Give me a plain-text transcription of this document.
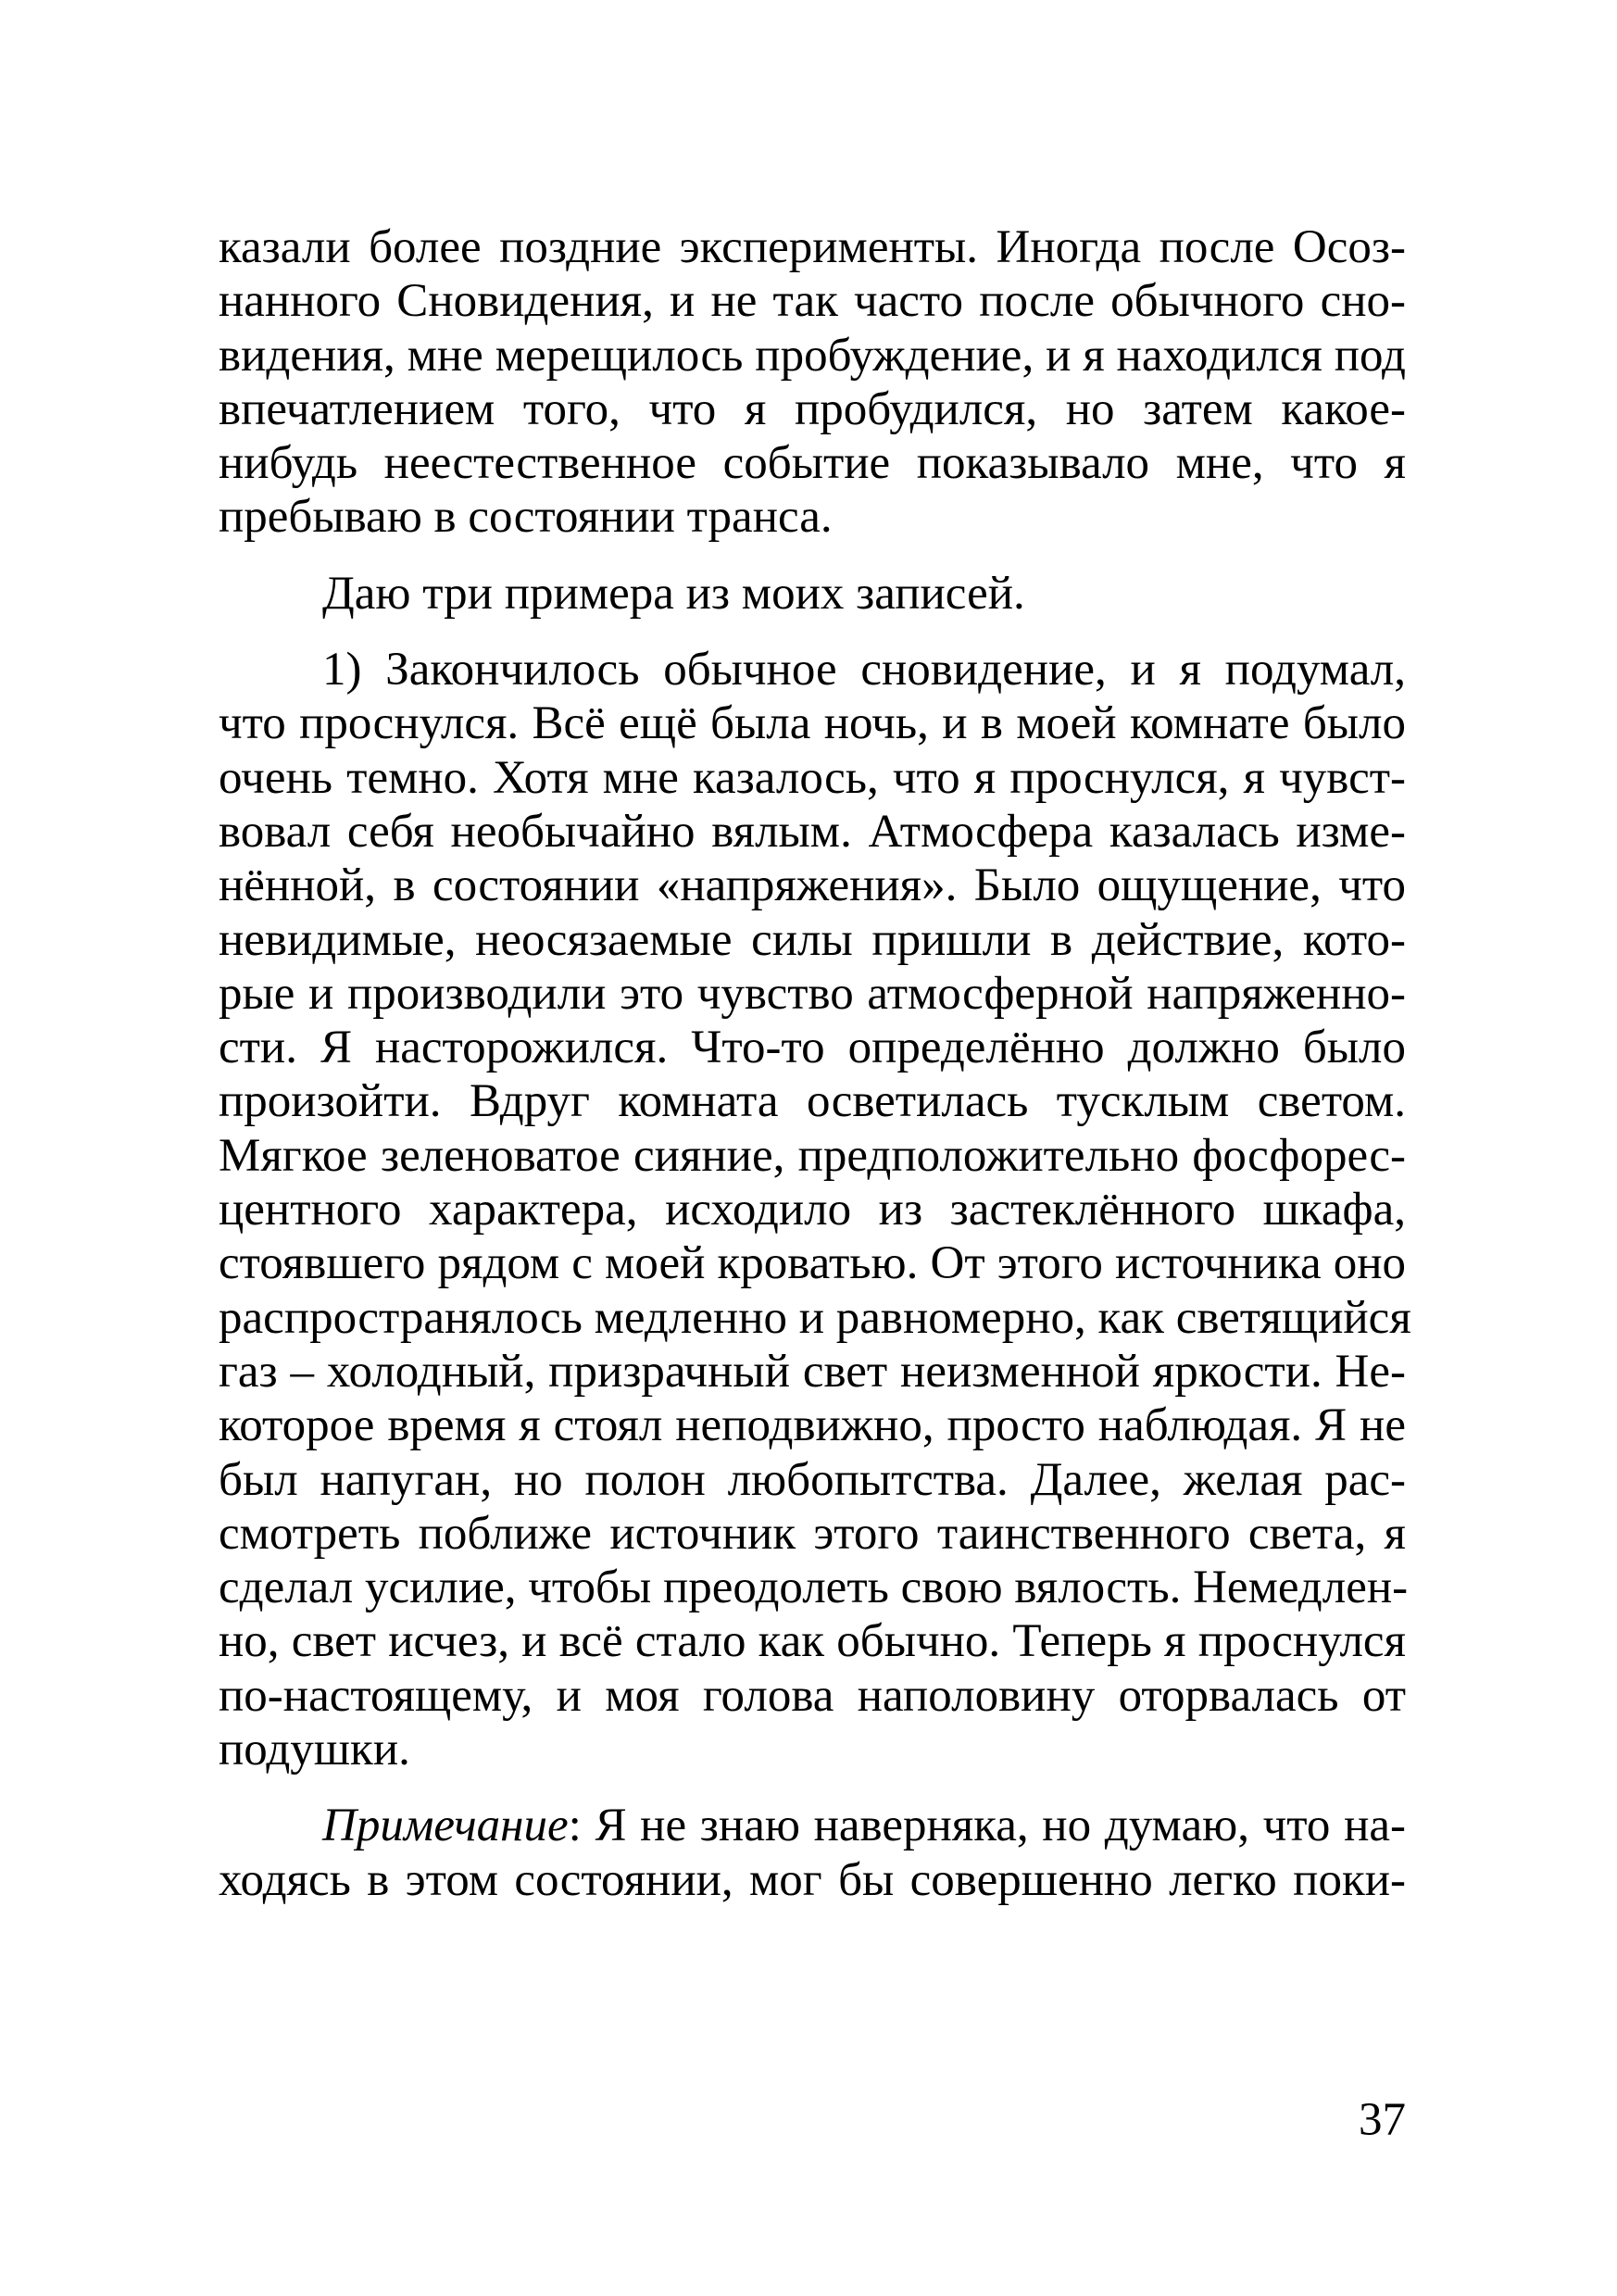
казали более поздние эксперименты. Иногда после Осоз-
нанного Сновидения, и не так часто после обычного сно-
видения, мне мерещилось пробуждение, и я находился под
впечатлением того, что я пробудился, но затем какое-
нибудь неестественное событие показывало мне, что я
пребываю в состоянии транса.
Даю три примера из моих записей.
1) Закончилось обычное сновидение, и я подумал,
что проснулся. Всё ещё была ночь, и в моей комнате было
очень темно. Хотя мне казалось, что я проснулся, я чувст-
вовал себя необычайно вялым. Атмосфера казалась изме-
нённой, в состоянии «напряжения». Было ощущение, что
невидимые, неосязаемые силы пришли в действие, кото-
рые и производили это чувство атмосферной напряженно-
сти. Я насторожился. Что-то определённо должно было
произойти. Вдруг комната осветилась тусклым светом.
Мягкое зеленоватое сияние, предположительно фосфорес-
центного характера, исходило из застеклённого шкафа,
стоявшего рядом с моей кроватью. От этого источника оно
распространялось медленно и равномерно, как светящийся
газ – холодный, призрачный свет неизменной яркости. Не-
которое время я стоял неподвижно, просто наблюдая. Я не
был напуган, но полон любопытства. Далее, желая рас-
смотреть поближе источник этого таинственного света, я
сделал усилие, чтобы преодолеть свою вялость. Немедлен-
но, свет исчез, и всё стало как обычно. Теперь я проснулся
по-настоящему, и моя голова наполовину оторвалась от
подушки.
Примечание: Я не знаю наверняка, но думаю, что на-
ходясь в этом состоянии, мог бы совершенно легко поки-
37
